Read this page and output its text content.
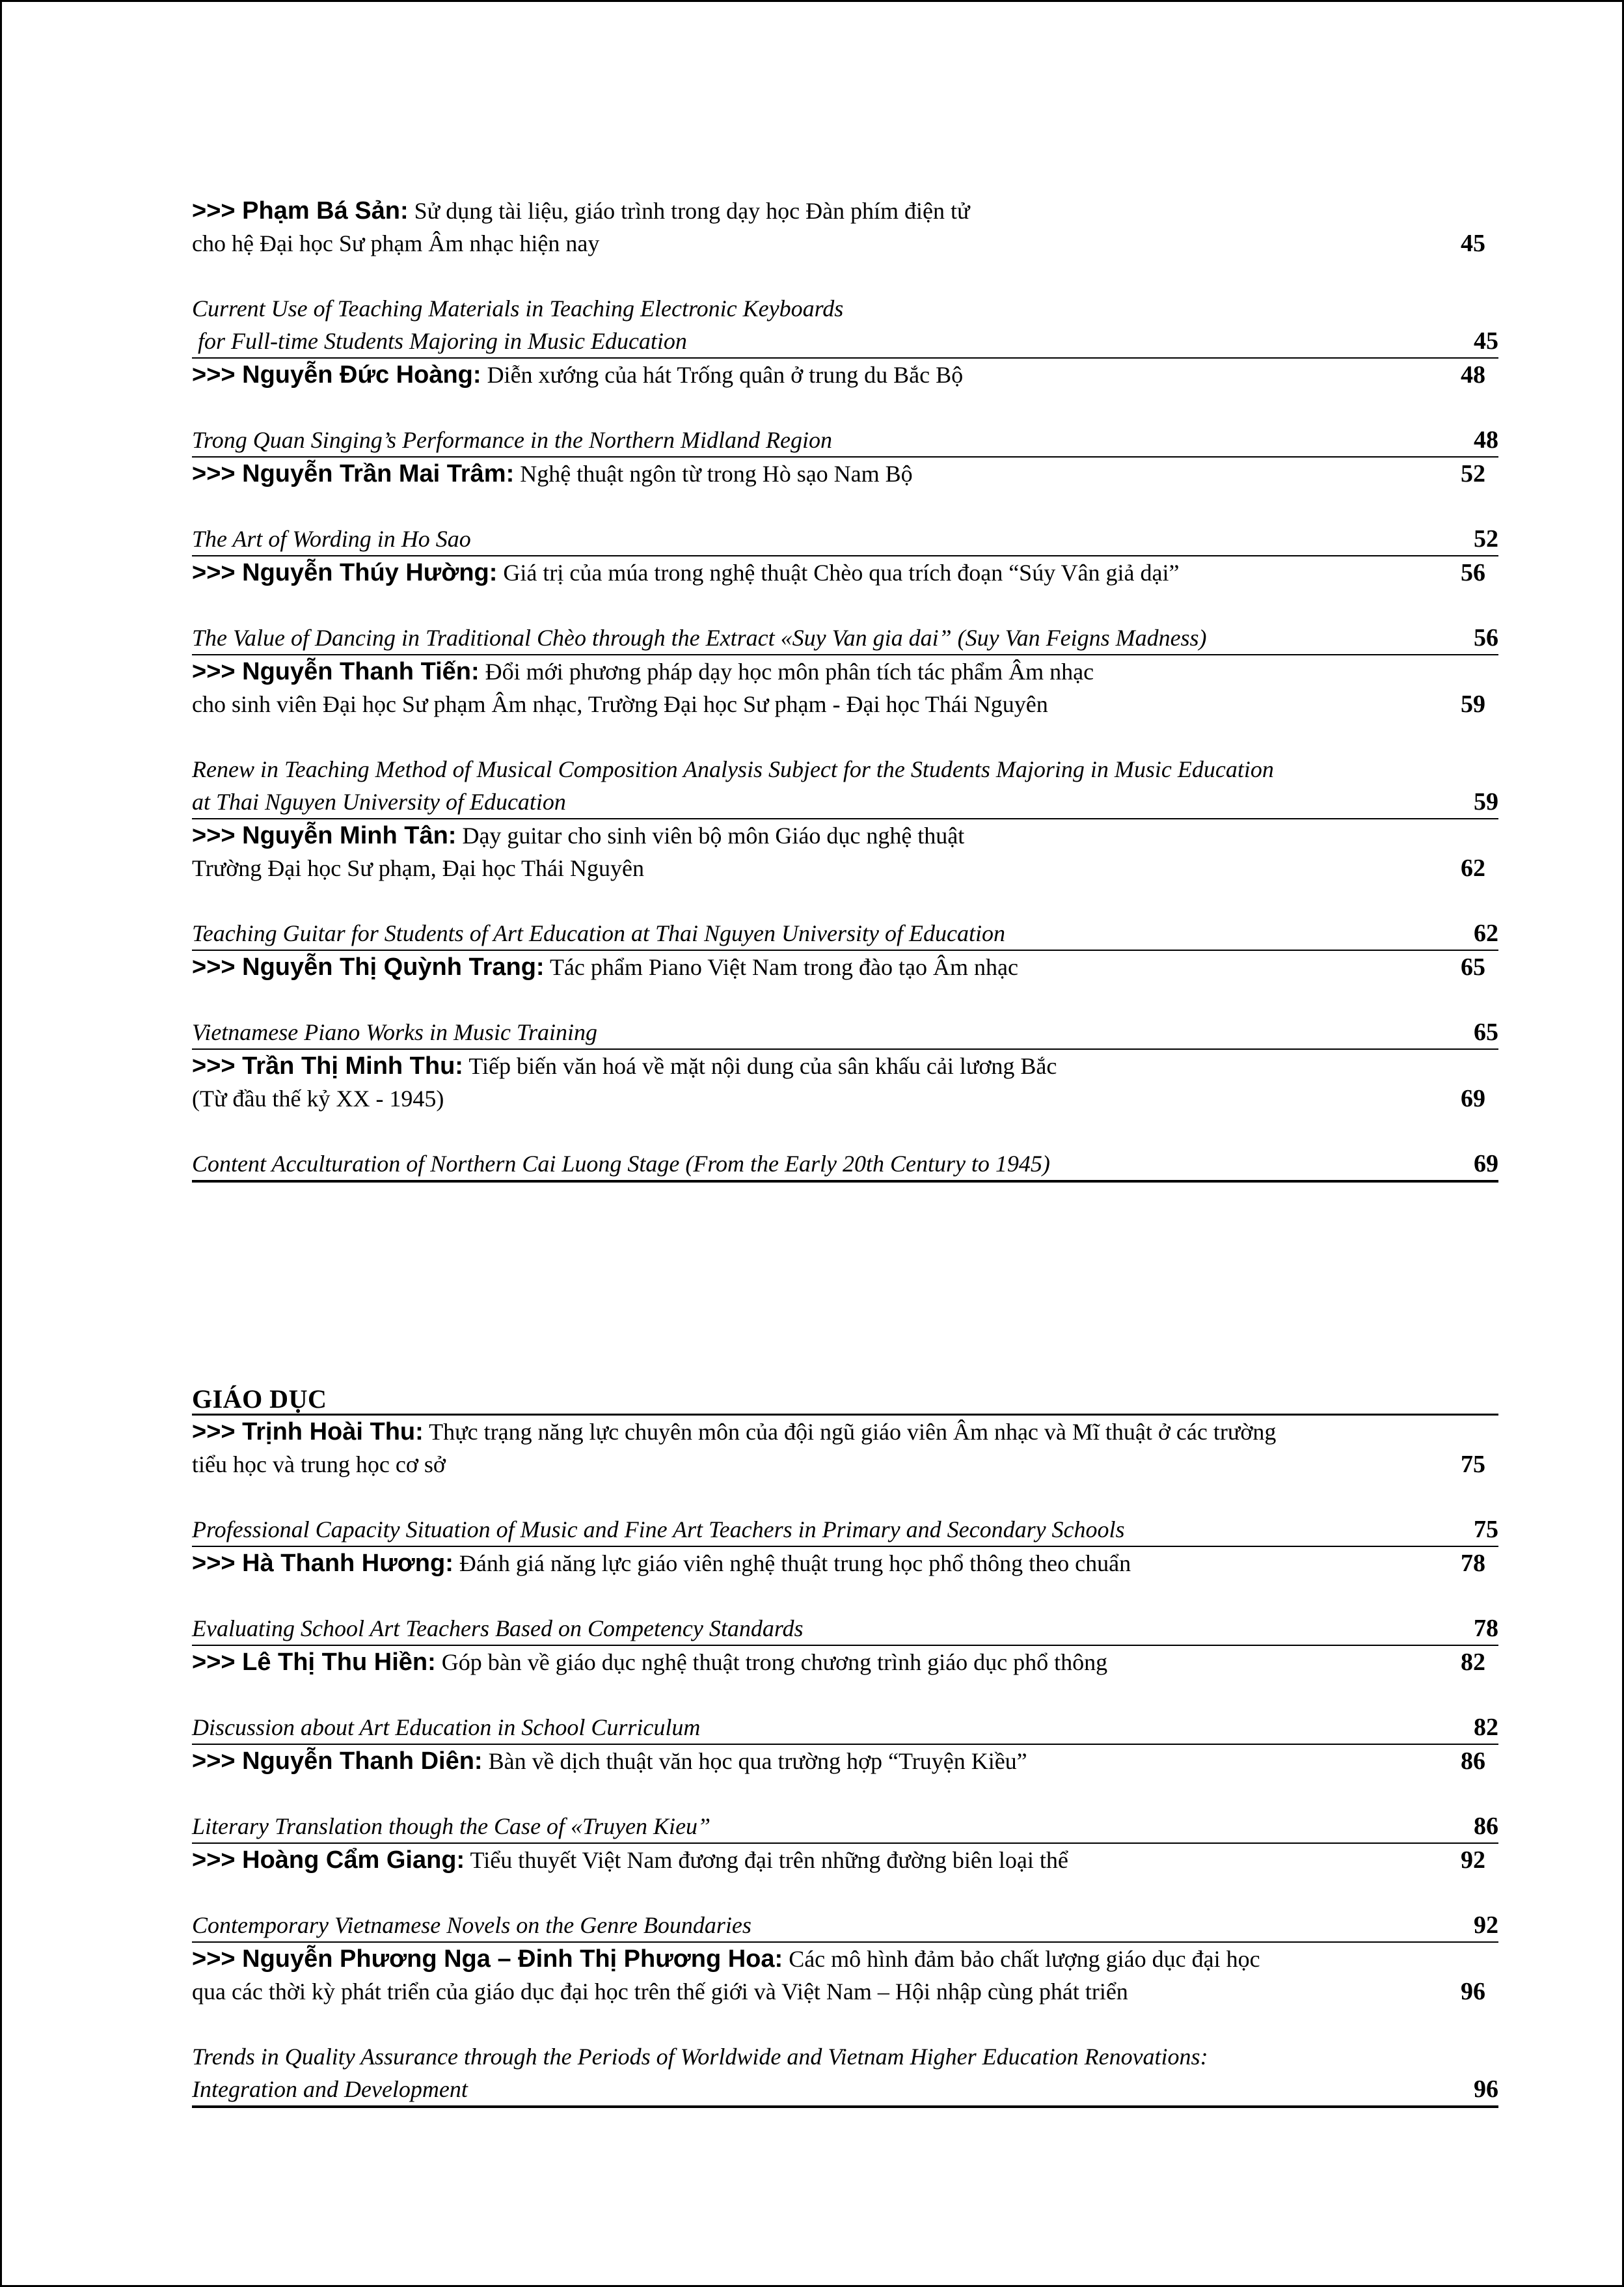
>>> Phạm Bá Sản: Sử dụng tài liệu, giáo trình trong dạy học Đàn phím điện tử
cho hệ Đại học Sư phạm Âm nhạc hiện nay	45
Current Use of Teaching Materials in Teaching Electronic Keyboards
for Full-time Students Majoring in Music Education	45
>>> Nguyễn Đức Hoàng: Diễn xướng của hát Trống quân ở trung du Bắc Bộ	48
Trong Quan Singing’s Performance in the Northern Midland Region	48
>>> Nguyễn Trần Mai Trâm: Nghệ thuật ngôn từ trong Hò sạo Nam Bộ	52
The Art of Wording in Ho Sao	52
>>> Nguyễn Thúy Hường: Giá trị của múa trong nghệ thuật Chèo qua trích đoạn “Súy Vân giả dại”	56
The Value of Dancing in Traditional Chèo through the Extract «Suy Van gia dai” (Suy Van Feigns Madness)	56
>>> Nguyễn Thanh Tiến: Đổi mới phương pháp dạy học môn phân tích tác phẩm Âm nhạc
cho sinh viên Đại học Sư phạm Âm nhạc, Trường Đại học Sư phạm - Đại học Thái Nguyên	59
Renew in Teaching Method of Musical Composition Analysis Subject for the Students Majoring in Music Education
at Thai Nguyen University of Education	59
>>> Nguyễn Minh Tân: Dạy guitar cho sinh viên bộ môn Giáo dục nghệ thuật
Trường Đại học Sư phạm, Đại học Thái Nguyên	62
Teaching Guitar for Students of Art Education at Thai Nguyen University of Education	62
>>> Nguyễn Thị Quỳnh Trang: Tác phẩm Piano Việt Nam trong đào tạo Âm nhạc	65
Vietnamese Piano Works in Music Training	65
>>> Trần Thị Minh Thu: Tiếp biến văn hoá về mặt nội dung của sân khấu cải lương Bắc
(Từ đầu thế kỷ XX - 1945)	69
Content Acculturation of Northern Cai Luong Stage (From the Early 20th Century to 1945)	69
GIÁO DỤC
>>> Trịnh Hoài Thu: Thực trạng năng lực chuyên môn của đội ngũ giáo viên Âm nhạc và Mĩ thuật ở các trường
tiểu học và trung học cơ sở	75
Professional Capacity Situation of Music and Fine Art Teachers in Primary and Secondary Schools	75
>>> Hà Thanh Hương: Đánh giá năng lực giáo viên nghệ thuật trung học phổ thông theo chuẩn	78
Evaluating School Art Teachers Based on Competency Standards	78
>>> Lê Thị Thu Hiền: Góp bàn về giáo dục nghệ thuật trong chương trình giáo dục phổ thông	82
Discussion about Art Education in School Curriculum	82
>>> Nguyễn Thanh Diên: Bàn về dịch thuật văn học qua trường hợp “Truyện Kiều”	86
Literary Translation though the Case of «Truyen Kieu”	86
>>> Hoàng Cẩm Giang: Tiểu thuyết Việt Nam đương đại trên những đường biên loại thể	92
Contemporary Vietnamese Novels on the Genre Boundaries	92
>>> Nguyễn Phương Nga – Đinh Thị Phương Hoa: Các mô hình đảm bảo chất lượng giáo dục đại học
qua các thời kỳ phát triển của giáo dục đại học trên thế giới và Việt Nam – Hội nhập cùng phát triển	96
Trends in Quality Assurance through the Periods of Worldwide and Vietnam Higher Education Renovations:
Integration and Development	96
